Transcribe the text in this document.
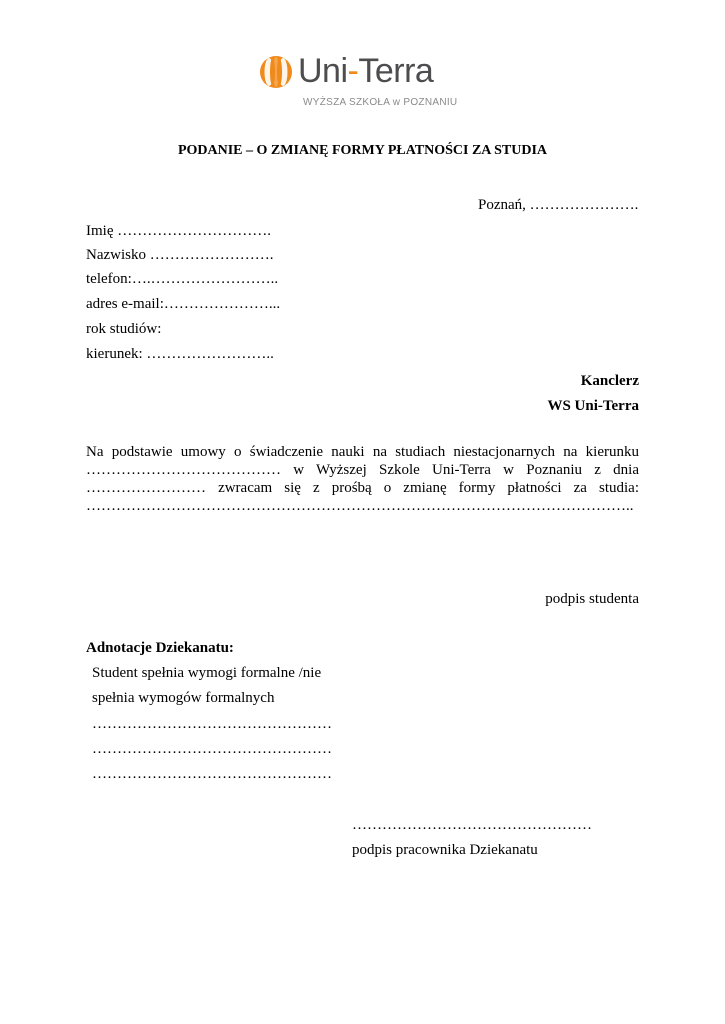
Uni-Terra
WYŻSZA SZKOŁA w POZNANIU
PODANIE – O ZMIANĘ FORMY PŁATNOŚCI ZA STUDIA
Poznań, ………………….
Imię ………………………….
Nazwisko …………………….
telefon:….……………………..
adres e-mail:…………………...
rok studiów:
kierunek: ……………………..
Kanclerz
WS Uni-Terra
Na podstawie umowy o świadczenie nauki na studiach niestacjonarnych na kierunku
………………………………… w Wyższej Szkole Uni-Terra w Poznaniu z dnia
…………………… zwracam się z prośbą o zmianę formy płatności za studia:
………………………………………………………………………………………………..
podpis studenta
Adnotacje Dziekanatu:
Student spełnia wymogi formalne /nie
spełnia wymogów formalnych
…………………………………………
…………………………………………
…………………………………………
…………………………………………
podpis pracownika Dziekanatu
